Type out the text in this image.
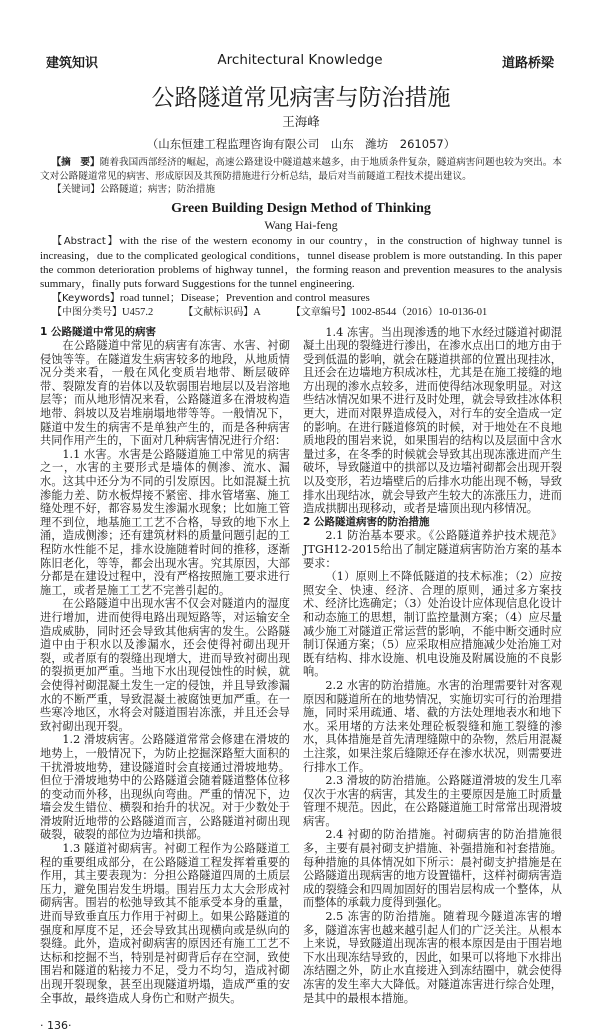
建筑知识	Architectural Knowledge	道路桥梁
公路隧道常见病害与防治措施
王海峰
（山东恒建工程监理咨询有限公司　山东　潍坊　261057）
【摘　要】随着我国西部经济的崛起，高速公路建设中隧道越来越多，由于地质条件复杂，隧道病害问题也较为突出。本文对公路隧道常见的病害、形成原因及其预防措施进行分析总结，最后对当前隧道工程技术提出建议。
【关键词】公路隧道；病害；防治措施
Green Building Design Method of Thinking
Wang Hai-feng
【Abstract】with the rise of the western economy in our country，in the construction of highway tunnel is increasing，due to the complicated geological conditions，tunnel disease problem is more outstanding. In this paper the common deterioration problems of highway tunnel，the forming reason and prevention measures to the analysis summary，finally puts forward Suggestions for the tunnel engineering.
【Keywords】road tunnel；Disease；Prevention and control measures
【中图分类号】U457.2	【文献标识码】A	【文章编号】1002-8544（2016）10-0136-01
1 公路隧道中常见的病害

在公路隧道中常见的病害有冻害、水害、衬砌侵蚀等等。在隧道发生病害较多的地段，从地质情况分类来看，一般在风化变质岩地带、断层破碎带、裂隙发育的岩体以及软弱围岩地层以及岩溶地层等；而从地形情况来看，公路隧道多在滑坡构造地带、斜坡以及岩堆崩塌地带等等。一般情况下，隧道中发生的病害不是单独产生的，而是各种病害共同作用产生的，下面对几种病害情况进行介绍：

1.1 水害。水害是公路隧道施工中常见的病害之一，水害的主要形式是墙体的侧渗、流水、漏水。这其中还分为不同的引发原因。比如混凝土抗渗能力差、防水板焊接不紧密、排水管堵塞、施工缝处理不好，都容易发生渗漏水现象；比如施工管理不到位，地基施工工艺不合格，导致的地下水上涌，造成侧渗；还有建筑材料的质量问题引起的工程防水性能不足，排水设施随着时间的推移，逐渐陈旧老化，等等，都会出现水害。究其原因，大部分都是在建设过程中，没有严格按照施工要求进行施工，或者是施工工艺不完善引起的。

在公路隧道中出现水害不仅会对隧道内的湿度进行增加，进而使得电路出现短路等，对运输安全造成威胁，同时还会导致其他病害的发生。公路隧道中由于积水以及渗漏水，还会使得衬砌出现开裂，或者原有的裂缝出现增大，进而导致衬砌出现的裂损更加严重。当地下水出现侵蚀性的时候，就会使得衬砌混凝土发生一定的侵蚀，并且导致渗漏水的不断严重，导致混凝土被腐蚀更加严重。在一些寒冷地区，水将会对隧道围岩冻涨，并且还会导致衬砌出现开裂。

1.2 滑坡病害。公路隧道常常会修建在滑坡的地势上，一般情况下，为防止挖掘深路堑大面积的干扰滑坡地势，建设隧道时会直接通过滑坡地势。但位于滑坡地势中的公路隧道会随着隧道整体位移的变动而外移，出现纵向弯曲。严重的情况下，边墙会发生错位、横裂和抬升的状况。对于少数处于滑坡附近地带的公路隧道而言，公路隧道衬砌出现破裂，破裂的部位为边墙和拱部。

1.3 隧道衬砌病害。衬砌工程作为公路隧道工程的重要组成部分，在公路隧道工程发挥着重要的作用，其主要表现为：分担公路隧道四周的土质层压力，避免围岩发生坍塌。围岩压力太大会形成衬砌病害。围岩的松弛导致其不能承受本身的重量，进而导致垂直压力作用于衬砌上。如果公路隧道的强度和厚度不足，还会导致其出现横向或是纵向的裂缝。此外，造成衬砌病害的原因还有施工工艺不达标和挖掘不当，特别是衬砌背后存在空洞，致使围岩和隧道的粘接力不足，受力不均匀，造成衬砌出现开裂现象，甚至出现隧道坍塌，造成严重的安全事故，最终造成人身伤亡和财产损失。

· 136·

1.4 冻害。当出现渗透的地下水经过隧道衬砌混凝土出现的裂缝进行渗出，在渗水点出口的地方由于受到低温的影响，就会在隧道拱部的位置出现挂冰，且还会在边墙地方积成冰柱，尤其是在施工接缝的地方出现的渗水点较多，进而使得结冰现象明显。对这些结冰情况如果不进行及时处理，就会导致挂冰体积更大，进而对限界造成侵入，对行车的安全造成一定的影响。在进行隧道修筑的时候，对于地处在不良地质地段的围岩来说，如果围岩的结构以及层面中含水量过多，在冬季的时候就会导致其出现冻涨进而产生破坏，导致隧道中的拱部以及边墙衬砌都会出现开裂以及变形，若边墙壁后的后排水功能出现不畅，导致排水出现结冰，就会导致产生较大的冻涨压力，进而造成拱脚出现移动，或者是墙顶出现内移情况。

2 公路隧道病害的防治措施

2.1 防治基本要求。《公路隧道养护技术规范》JTGH12-2015给出了制定隧道病害防治方案的基本要求：

（1）原则上不降低隧道的技术标准；（2）应按照安全、快速、经济、合理的原则，通过多方案技术、经济比选确定；（3）处治设计应体现信息化设计和动态施工的思想，制订监控量测方案；（4）应尽量减少施工对隧道正常运营的影响，不能中断交通时应制订保通方案；（5）应采取相应措施减少处治施工对既有结构、排水设施、机电设施及附属设施的不良影响。

2.2 水害的防治措施。水害的治理需要针对客观原因和隧道所在的地势情况，实施切实可行的治理措施，同时采用疏通、堵、截的方法处理地表水和地下水。采用堵的方法来处理砼板裂缝和施工裂缝的渗水，具体措施是首先清理缝隙中的杂物，然后用混凝土注浆，如果注浆后缝隙还存在渗水状况，则需要进行排水工作。

2.3 滑坡的防治措施。公路隧道滑坡的发生几率仅次于水害的病害，其发生的主要原因是施工时质量管理不规范。因此，在公路隧道施工时常常出现滑坡病害。

2.4 衬砌的防治措施。衬砌病害的防治措施很多，主要有晨衬砌支护措施、补强措施和衬套措施。每种措施的具体情况如下所示：晨衬砌支护措施是在公路隧道出现病害的地方设置锚杆，这样衬砌病害造成的裂缝会和四周加固好的围岩层构成一个整体，从而整体的承载力度得到强化。

2.5 冻害的防治措施。随着现今隧道冻害的增多，隧道冻害也越来越引起人们的广泛关注。从根本上来说，导致隧道出现冻害的根本原因是由于围岩地下水出现冻结导致的，因此，如果可以将地下水排出冻结圈之外，防止水直接进入到冻结圈中，就会使得冻害的发生率大大降低。对隧道冻害进行综合处理，是其中的最根本措施。
